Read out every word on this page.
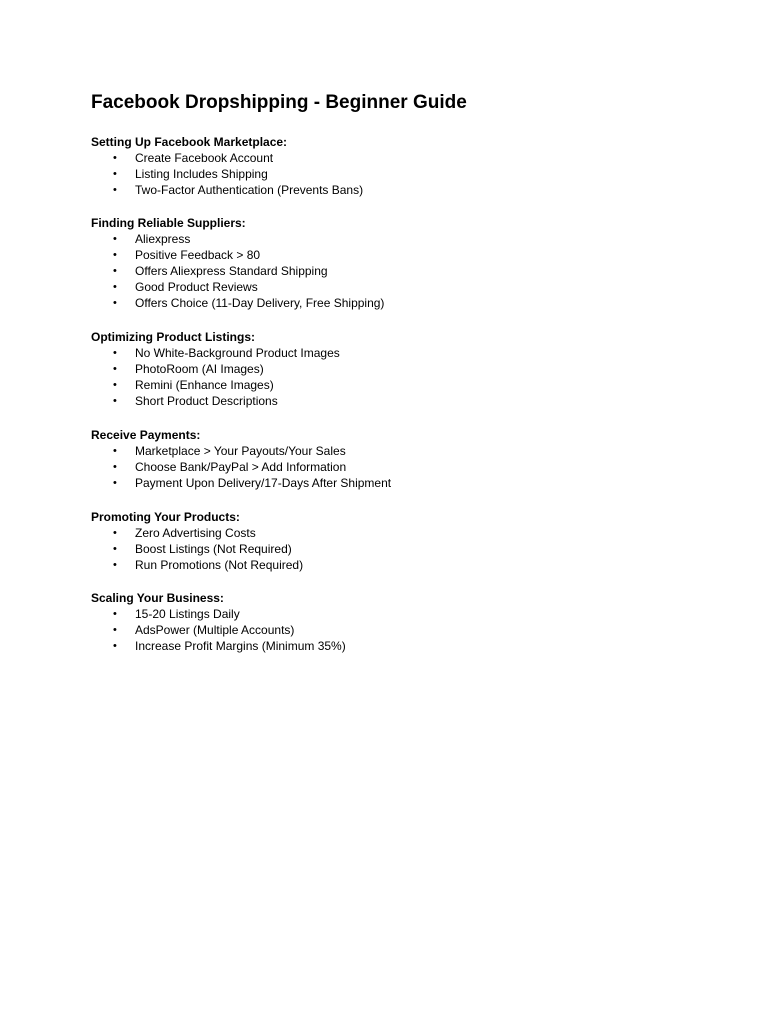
Facebook Dropshipping - Beginner Guide
Setting Up Facebook Marketplace:
• Create Facebook Account
• Listing Includes Shipping
• Two-Factor Authentication (Prevents Bans)
Finding Reliable Suppliers:
• Aliexpress
• Positive Feedback > 80
• Offers Aliexpress Standard Shipping
• Good Product Reviews
• Offers Choice (11-Day Delivery, Free Shipping)
Optimizing Product Listings:
• No White-Background Product Images
• PhotoRoom (AI Images)
• Remini (Enhance Images)
• Short Product Descriptions
Receive Payments:
• Marketplace > Your Payouts/Your Sales
• Choose Bank/PayPal > Add Information
• Payment Upon Delivery/17-Days After Shipment
Promoting Your Products:
• Zero Advertising Costs
• Boost Listings (Not Required)
• Run Promotions (Not Required)
Scaling Your Business:
• 15-20 Listings Daily
• AdsPower (Multiple Accounts)
• Increase Profit Margins (Minimum 35%)
